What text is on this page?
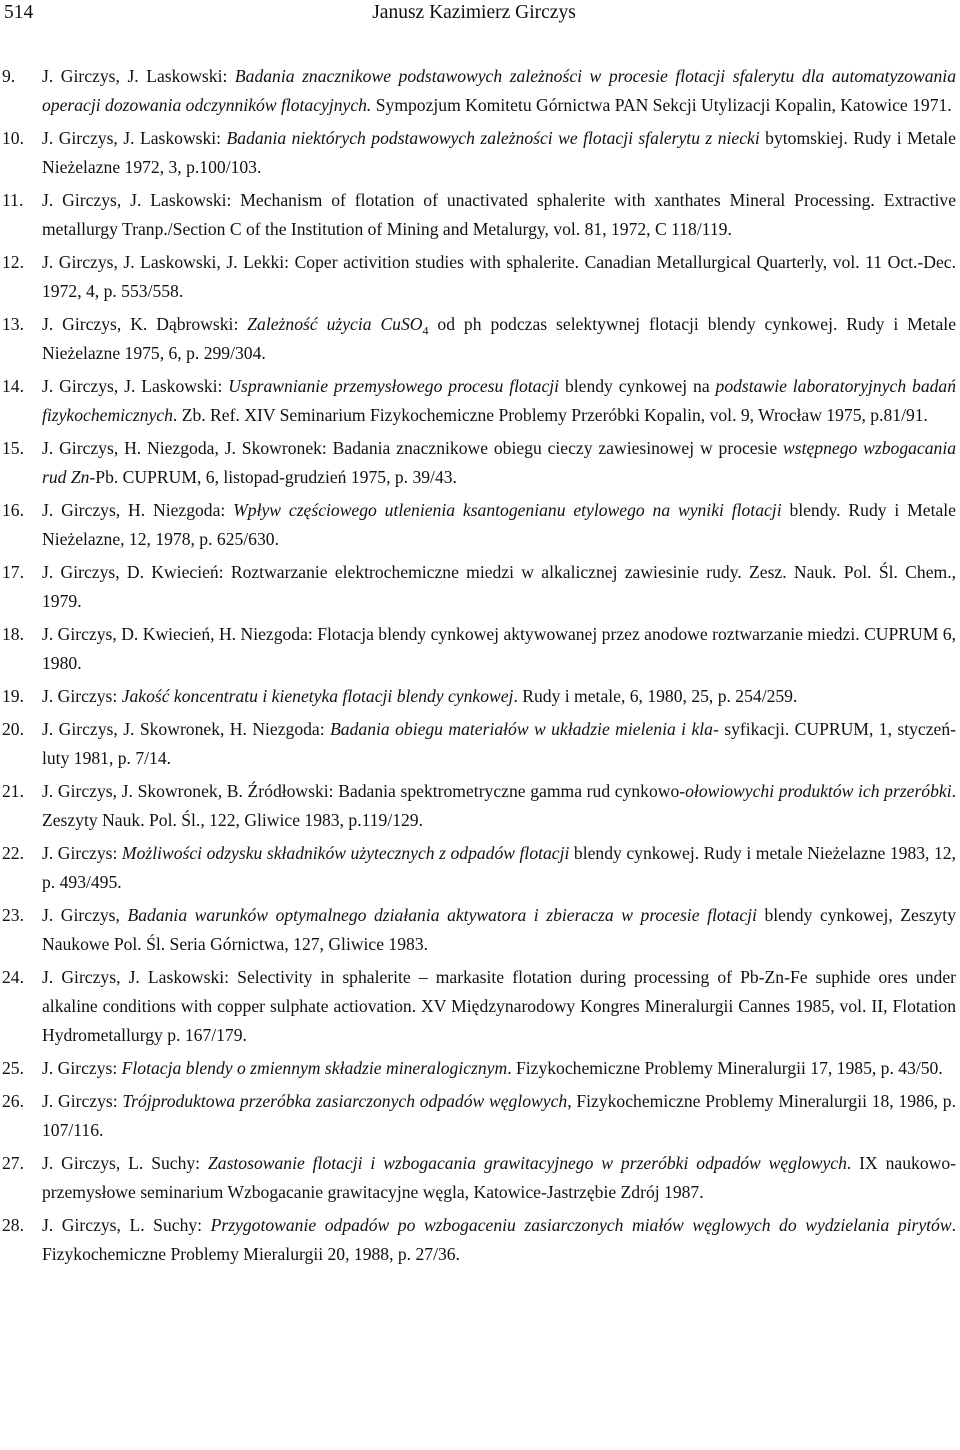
514	Janusz Kazimierz Girczys
9. J. Girczys, J. Laskowski: Badania znacznikowe podstawowych zależności w procesie flotacji sfalerytu dla automatyzowania operacji dozowania odczynników flotacyjnych. Sympozjum Komitetu Górnictwa PAN Sekcji Utylizacji Kopalin, Katowice 1971.
10. J. Girczys, J. Laskowski: Badania niektórych podstawowych zależności we flotacji sfalerytu z niecki bytomskiej. Rudy i Metale Nieżelazne 1972, 3, p.100/103.
11. J. Girczys, J. Laskowski: Mechanism of flotation of unactivated sphalerite with xanthates Mineral Processing. Extractive metallurgy Tranp./Section C of the Institution of Mining and Metalurgy, vol. 81, 1972, C 118/119.
12. J. Girczys, J. Laskowski, J. Lekki: Coper activition studies with sphalerite. Canadian Metallurgical Quarterly, vol. 11 Oct.-Dec. 1972, 4, p. 553/558.
13. J. Girczys, K. Dąbrowski: Zależność użycia CuSO$_4$ od ph podczas selektywnej flotacji blendy cynkowej. Rudy i Metale Nieżelazne 1975, 6, p. 299/304.
14. J. Girczys, J. Laskowski: Usprawnianie przemysłowego procesu flotacji blendy cynkowej na podstawie laboratoryjnych badań fizykochemicznych. Zb. Ref. XIV Seminarium Fizykochemiczne Problemy Przeróbki Kopalin, vol. 9, Wrocław 1975, p.81/91.
15. J. Girczys, H. Niezgoda, J. Skowronek: Badania znacznikowe obiegu cieczy zawiesinowej w procesie wstępnego wzbogacania rud Zn-Pb. CUPRUM, 6, listopad-grudzień 1975, p. 39/43.
16. J. Girczys, H. Niezgoda: Wpływ częściowego utlenienia ksantogenianu etylowego na wyniki flotacji blendy. Rudy i Metale Nieżelazne, 12, 1978, p. 625/630.
17. J. Girczys, D. Kwiecień: Roztwarzanie elektrochemiczne miedzi w alkalicznej zawiesinie rudy. Zesz. Nauk. Pol. Śl. Chem., 1979.
18. J. Girczys, D. Kwiecień, H. Niezgoda: Flotacja blendy cynkowej aktywowanej przez anodowe roztwarzanie miedzi. CUPRUM 6, 1980.
19. J. Girczys: Jakość koncentratu i kienetyka flotacji blendy cynkowej. Rudy i metale, 6, 1980, 25, p. 254/259.
20. J. Girczys, J. Skowronek, H. Niezgoda: Badania obiegu materiałów w układzie mielenia i kla- syfikacji. CUPRUM, 1, styczeń-luty 1981, p. 7/14.
21. J. Girczys, J. Skowronek, B. Źródłowski: Badania spektrometryczne gamma rud cynkowo-ołowiowychi produktów ich przeróbki. Zeszyty Nauk. Pol. Śl., 122, Gliwice 1983, p.119/129.
22. J. Girczys: Możliwości odzysku składników użytecznych z odpadów flotacji blendy cynkowej. Rudy i metale Nieżelazne 1983, 12, p. 493/495.
23. J. Girczys, Badania warunków optymalnego działania aktywatora i zbieracza w procesie flotacji blendy cynkowej, Zeszyty Naukowe Pol. Śl. Seria Górnictwa, 127, Gliwice 1983.
24. J. Girczys, J. Laskowski: Selectivity in sphalerite – markasite flotation during processing of Pb-Zn-Fe suphide ores under alkaline conditions with copper sulphate actiovation. XV Międzynarodowy Kongres Mineralurgii Cannes 1985, vol. II, Flotation Hydrometallurgy p. 167/179.
25. J. Girczys: Flotacja blendy o zmiennym składzie mineralogicznym. Fizykochemiczne Problemy Mineralurgii 17, 1985, p. 43/50.
26. J. Girczys: Trójproduktowa przeróbka zasiarczonych odpadów węglowych, Fizykochemiczne Problemy Mineralurgii 18, 1986, p. 107/116.
27. J. Girczys, L. Suchy: Zastosowanie flotacji i wzbogacania grawitacyjnego w przeróbki odpadów węglowych. IX naukowo-przemysłowe seminarium Wzbogacanie grawitacyjne węgla, Katowice-Jastrzębie Zdrój 1987.
28. J. Girczys, L. Suchy: Przygotowanie odpadów po wzbogaceniu zasiarczonych miałów węglowych do wydzielania pirytów. Fizykochemiczne Problemy Mieralurgii 20, 1988, p. 27/36.
